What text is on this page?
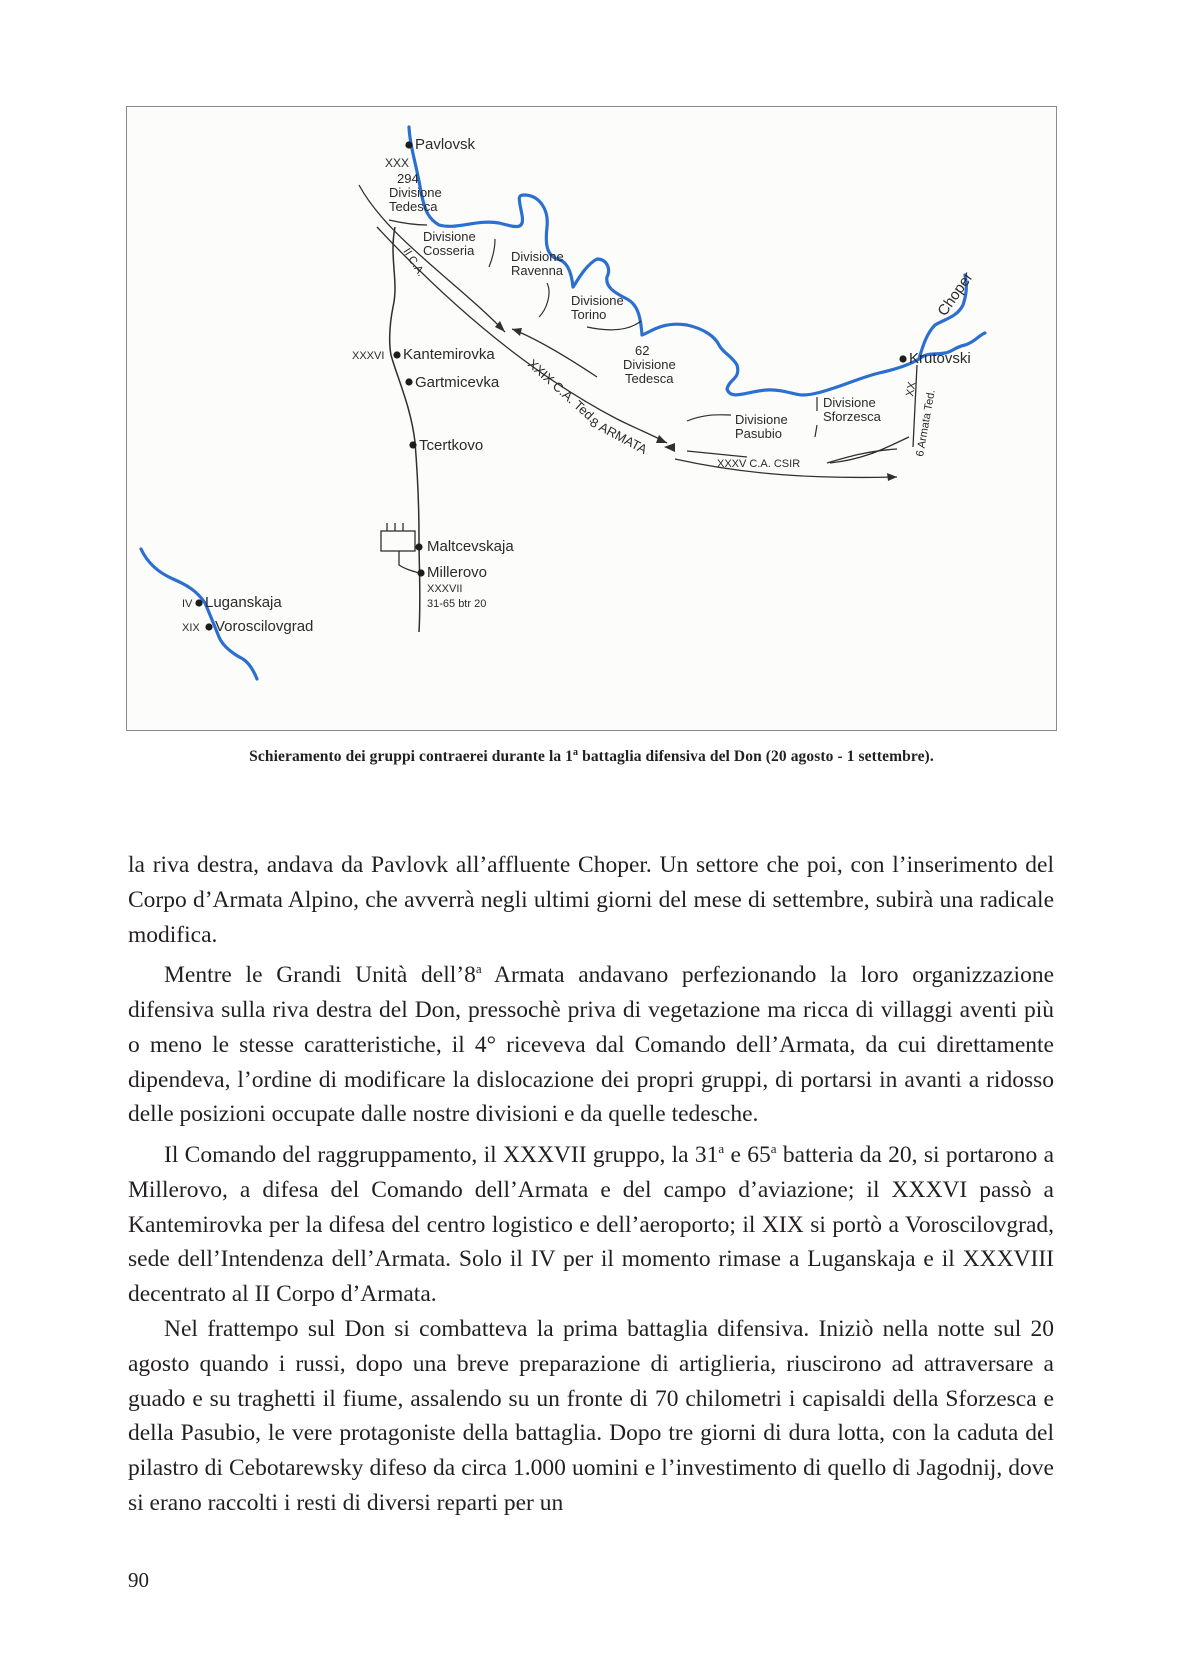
Pavlovsk
Kantemirovka
Gartmicevka
Tcertkovo
Maltcevskaja
Millerovo
Luganskaja
Voroscilovgrad
Krutovski
Choper
XXXVI
IV
XIX
XXXVII
31-65 btr 20
XXX
294
Divisione
Tedesca
Divisione
Cosseria	Divisione
Ravenna
Divisione
Torino
62
Divisione
Tedesca
Divisione
Pasubio
Divisione
Sforzesca
XXXV C.A. CSIR
II C.A.
XXIX C.A. Ted.
8 ARMATA	6 Armata Ted.
XX
Schieramento dei gruppi contraerei durante la 1$^a$ battaglia difensiva del Don (20 agosto - 1 settembre).

la riva destra, andava da Pavlovk all’affluente Choper. Un settore che poi, con l’inserimento del Corpo d’Armata Alpino, che avverrà negli ultimi giorni del mese di settembre, subirà una radicale modifica.

Mentre le Grandi Unità dell’8$^a$ Armata andavano perfezionando la loro organizzazione difensiva sulla riva destra del Don, pressochè priva di vegetazione ma ricca di villaggi aventi più o meno le stesse caratteristiche, il 4° riceveva dal Comando dell’Armata, da cui direttamente dipendeva, l’ordine di modificare la dislocazione dei propri gruppi, di portarsi in avanti a ridosso delle posizioni occupate dalle nostre divisioni e da quelle tedesche.

Il Comando del raggruppamento, il XXXVII gruppo, la 31$^a$ e 65$^a$ batteria da 20, si portarono a Millerovo, a difesa del Comando dell’Armata e del campo d’aviazione; il XXXVI passò a Kantemirovka per la difesa del centro logistico e dell’aeroporto; il XIX si portò a Voroscilovgrad, sede dell’Intendenza dell’Armata. Solo il IV per il momento rimase a Luganskaja e il XXXVIII decentrato al II Corpo d’Armata.

Nel frattempo sul Don si combatteva la prima battaglia difensiva. Iniziò nella notte sul 20 agosto quando i russi, dopo una breve preparazione di artiglieria, riuscirono ad attraversare a guado e su traghetti il fiume, assalendo su un fronte di 70 chilometri i capisaldi della Sforzesca e della Pasubio, le vere protagoniste della battaglia. Dopo tre giorni di dura lotta, con la caduta del pilastro di Cebotarewsky difeso da circa 1.000 uomini e l’investimento di quello di Jagodnij, dove si erano raccolti i resti di diversi reparti per un

90
